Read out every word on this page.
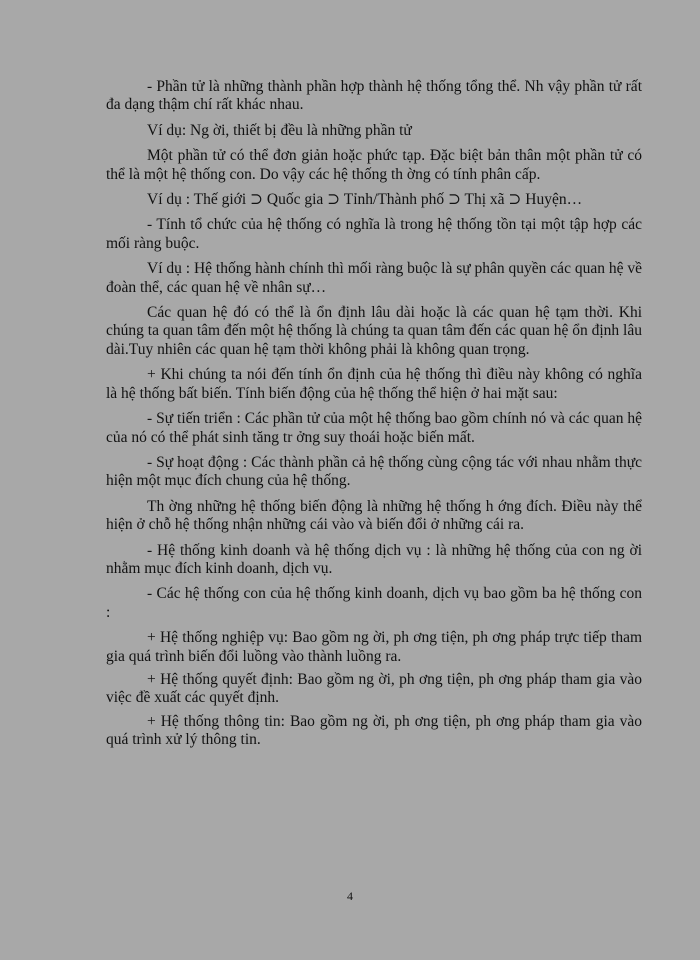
- Phần tử là những thành phần hợp thành hệ thống tổng thể. Nh vậy phần tử rất đa dạng thậm chí rất khác nhau.

Ví dụ: Ng ời, thiết bị đều là những phần tử

Một phần tử có thể đơn giản hoặc phức tạp. Đặc biệt bản thân một phần tử có thể là một hệ thống con. Do vậy các hệ thống th ờng có tính phân cấp.

Ví dụ : Thế giới ⊃ Quốc gia ⊃ Tỉnh/Thành phố ⊃ Thị xã ⊃ Huyện…

- Tính tổ chức của hệ thống có nghĩa là trong hệ thống tồn tại một tập hợp các mối ràng buộc.

Ví dụ : Hệ thống hành chính thì mối ràng buộc là sự phân quyền các quan hệ về đoàn thể, các quan hệ về nhân sự…

Các quan hệ đó có thể là ổn định lâu dài hoặc là các quan hệ tạm thời. Khi chúng ta quan tâm đến một hệ thống là chúng ta quan tâm đến các quan hệ ổn định lâu dài.Tuy nhiên các quan hệ tạm thời không phải là không quan trọng.

+ Khi chúng ta nói đến tính ổn định của hệ thống thì điều này không có nghĩa là hệ thống bất biến. Tính biến động của hệ thống thể hiện ở hai mặt sau:

- Sự tiến triển : Các phần tử của một hệ thống bao gồm chính nó và các quan hệ của nó có thể phát sinh tăng tr ởng suy thoái hoặc biến mất.

- Sự hoạt động : Các thành phần cả hệ thống cùng cộng tác với nhau nhằm thực hiện một mục đích chung của hệ thống.

Th ờng những hệ thống biến động là những hệ thống h ớng đích. Điều này thể hiện ở chỗ hệ thống nhận những cái vào và biến đổi ở những cái ra.

- Hệ thống kinh doanh và hệ thống dịch vụ : là những hệ thống của con ng ời nhằm mục đích kinh doanh, dịch vụ.

- Các hệ thống con của hệ thống kinh doanh, dịch vụ bao gồm ba hệ thống con :

+ Hệ thống nghiệp vụ: Bao gồm ng ời, ph ơng tiện, ph ơng pháp trực tiếp tham gia quá trình biến đổi luồng vào thành luồng ra.

+ Hệ thống quyết định: Bao gồm ng ời, ph ơng tiện, ph ơng pháp tham gia vào việc đề xuất các quyết định.

+ Hệ thống thông tin: Bao gồm ng ời, ph ơng tiện, ph ơng pháp tham gia vào quá trình xử lý thông tin.

4
